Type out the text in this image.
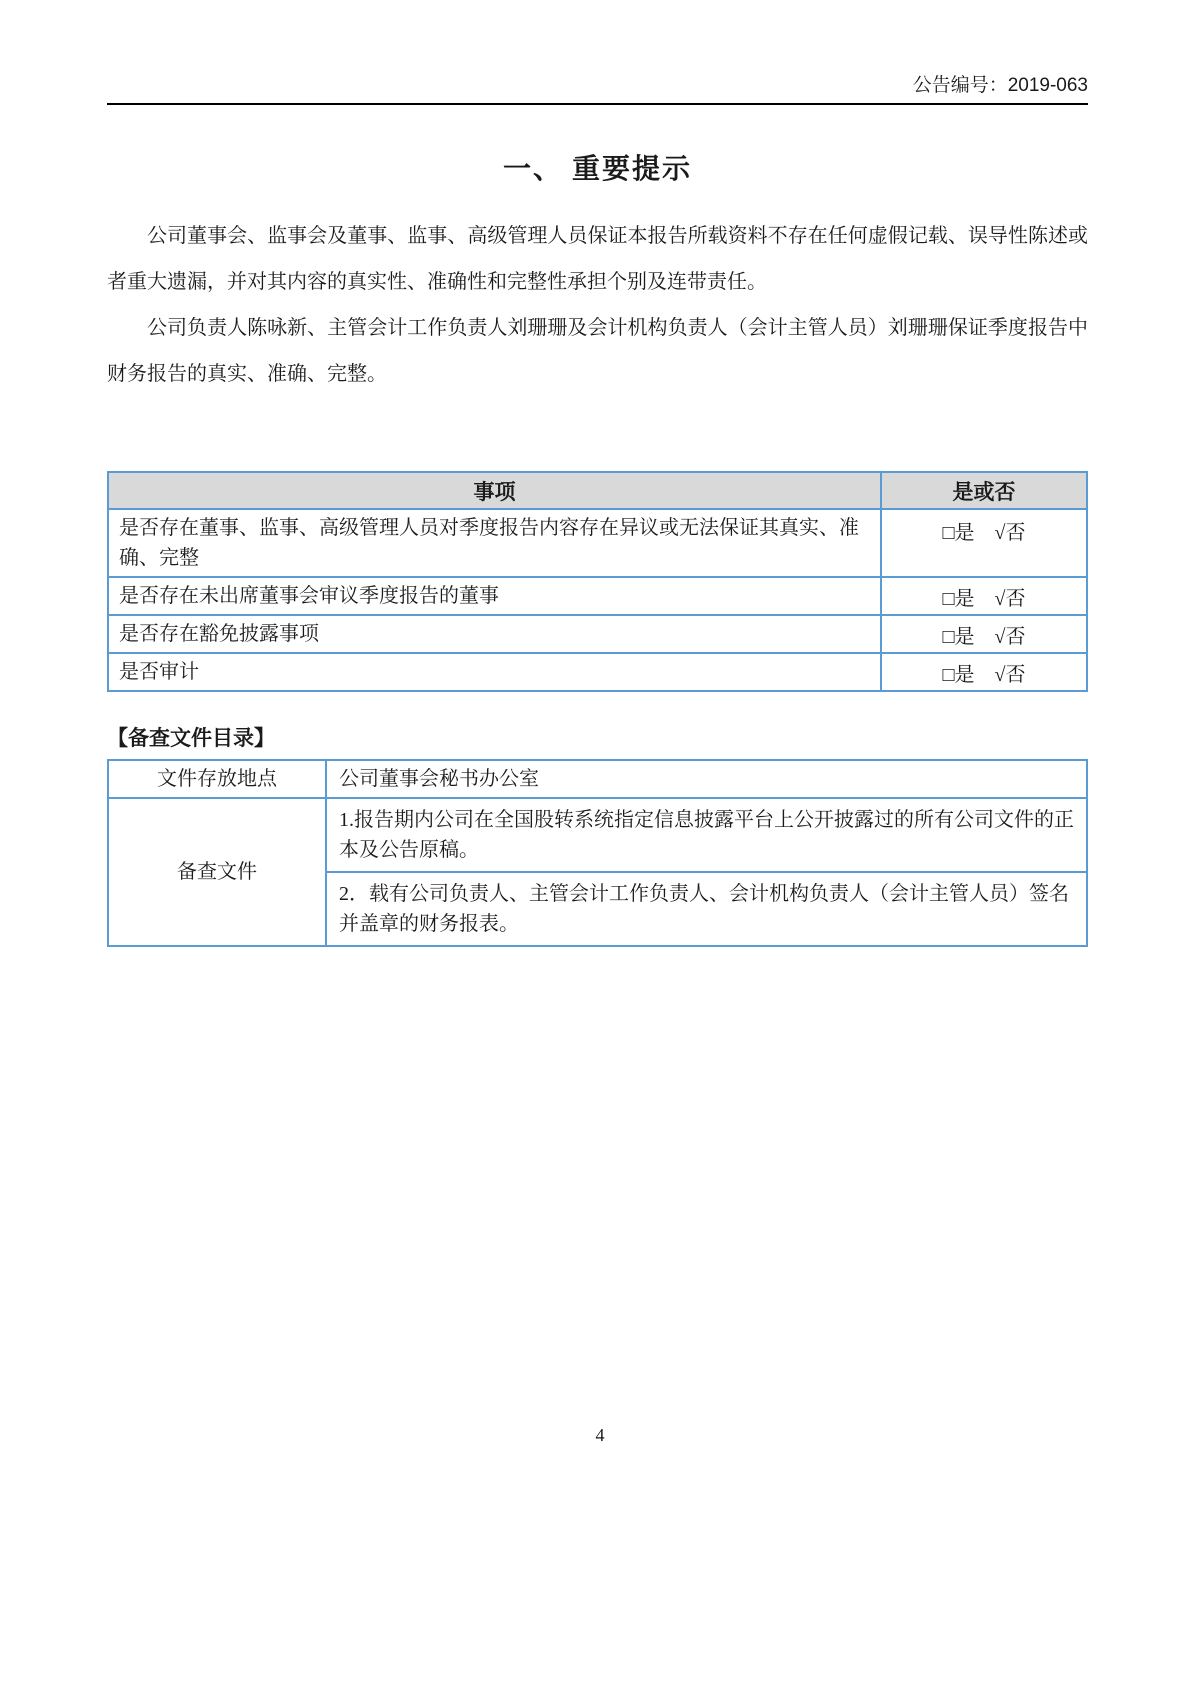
公告编号：2019-063
一、 重要提示

公司董事会、监事会及董事、监事、高级管理人员保证本报告所载资料不存在任何虚假记载、误导性陈述或者重大遗漏，并对其内容的真实性、准确性和完整性承担个别及连带责任。

公司负责人陈咏新、主管会计工作负责人刘珊珊及会计机构负责人（会计主管人员）刘珊珊保证季度报告中财务报告的真实、准确、完整。

事项	是或否
是否存在董事、监事、高级管理人员对季度报告内容存在异议或无法保证其真实、准确、完整	□是 √否
是否存在未出席董事会审议季度报告的董事	□是 √否
是否存在豁免披露事项	□是 √否
是否审计	□是 √否
【备查文件目录】
文件存放地点	公司董事会秘书办公室
备查文件	1.报告期内公司在全国股转系统指定信息披露平台上公开披露过的所有公司文件的正本及公告原稿。
	2．载有公司负责人、主管会计工作负责人、会计机构负责人（会计主管人员）签名并盖章的财务报表。
4
